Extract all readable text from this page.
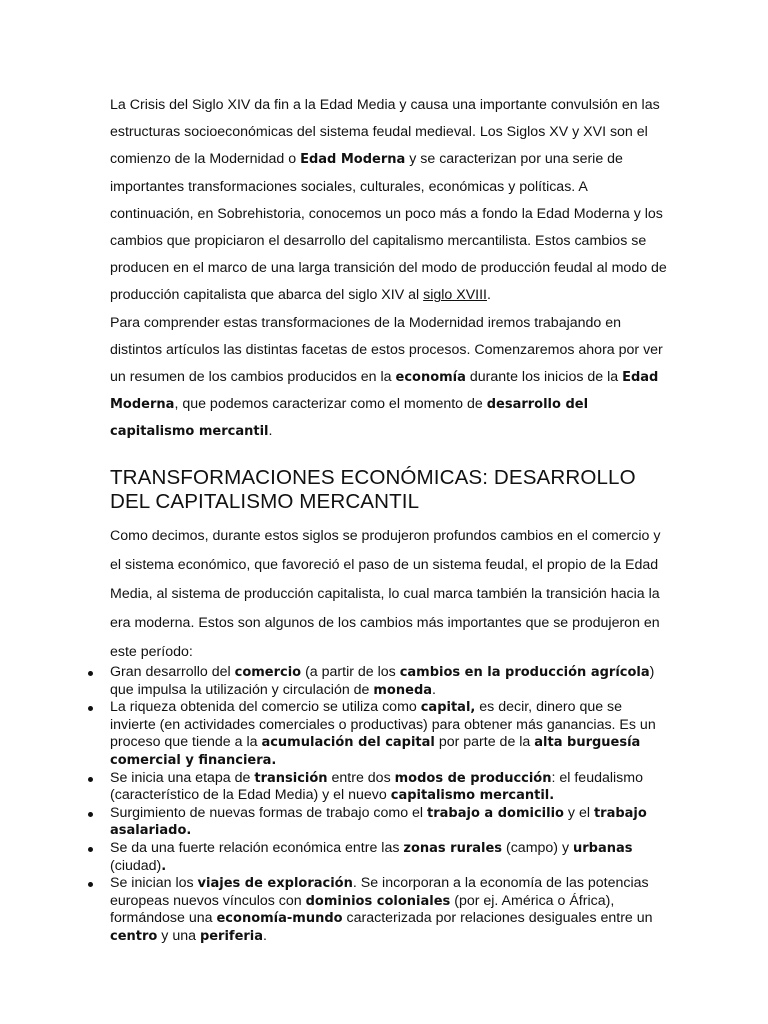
La Crisis del Siglo XIV da fin a la Edad Media y causa una importante convulsión en las estructuras socioeconómicas del sistema feudal medieval. Los Siglos XV y XVI son el comienzo de la Modernidad o Edad Moderna y se caracterizan por una serie de importantes transformaciones sociales, culturales, económicas y políticas. A continuación, en Sobrehistoria, conocemos un poco más a fondo la Edad Moderna y los cambios que propiciaron el desarrollo del capitalismo mercantilista. Estos cambios se producen en el marco de una larga transición del modo de producción feudal al modo de producción capitalista que abarca del siglo XIV al siglo XVIII.

Para comprender estas transformaciones de la Modernidad iremos trabajando en distintos artículos las distintas facetas de estos procesos. Comenzaremos ahora por ver un resumen de los cambios producidos en la economía durante los inicios de la Edad Moderna, que podemos caracterizar como el momento de desarrollo del capitalismo mercantil.

TRANSFORMACIONES ECONÓMICAS: DESARROLLO DEL CAPITALISMO MERCANTIL

Como decimos, durante estos siglos se produjeron profundos cambios en el comercio y el sistema económico, que favoreció el paso de un sistema feudal, el propio de la Edad Media, al sistema de producción capitalista, lo cual marca también la transición hacia la era moderna. Estos son algunos de los cambios más importantes que se produjeron en este período:

Gran desarrollo del comercio (a partir de los cambios en la producción agrícola) que impulsa la utilización y circulación de moneda.
La riqueza obtenida del comercio se utiliza como capital, es decir, dinero que se invierte (en actividades comerciales o productivas) para obtener más ganancias. Es un proceso que tiende a la acumulación del capital por parte de la alta burguesía comercial y financiera.
Se inicia una etapa de transición entre dos modos de producción: el feudalismo (característico de la Edad Media) y el nuevo capitalismo mercantil.
Surgimiento de nuevas formas de trabajo como el trabajo a domicilio y el trabajo asalariado.
Se da una fuerte relación económica entre las zonas rurales (campo) y urbanas (ciudad).
Se inician los viajes de exploración. Se incorporan a la economía de las potencias europeas nuevos vínculos con dominios coloniales (por ej. América o África), formándose una economía-mundo caracterizada por relaciones desiguales entre un centro y una periferia.
